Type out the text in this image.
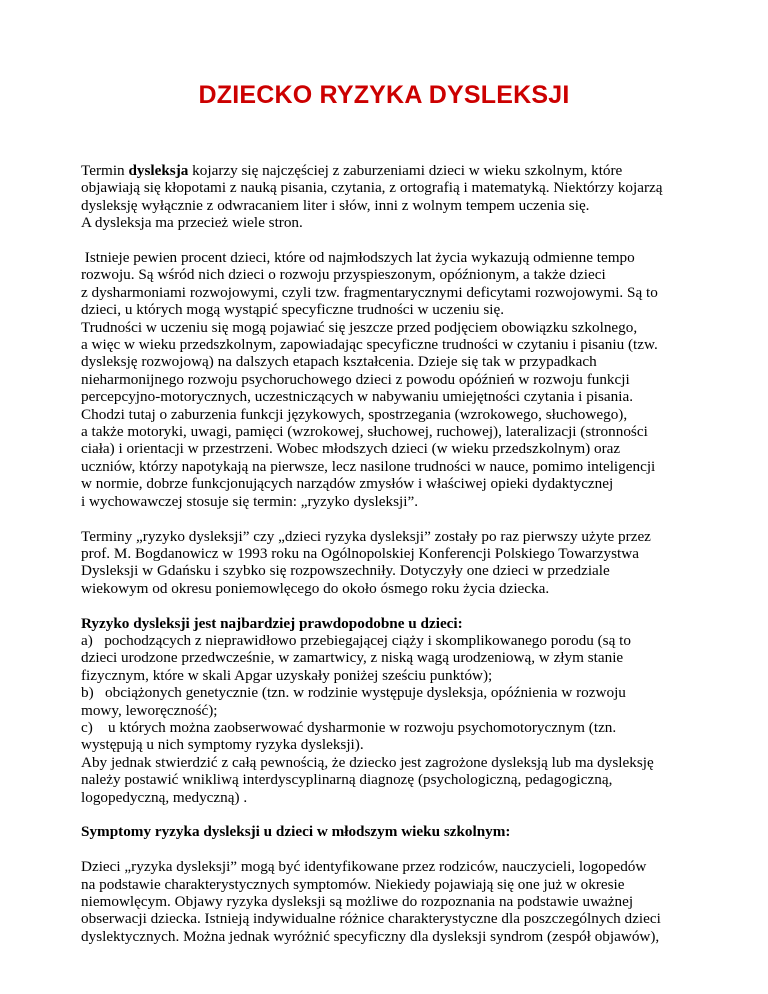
DZIECKO RYZYKA DYSLEKSJI
Termin dysleksja kojarzy się najczęściej z zaburzeniami dzieci w wieku szkolnym, które
objawiają się kłopotami z nauką pisania, czytania, z ortografią i matematyką. Niektórzy kojarzą
dysleksję wyłącznie z odwracaniem liter i słów, inni z wolnym tempem uczenia się.
A dysleksja ma przecież wiele stron.
Istnieje pewien procent dzieci, które od najmłodszych lat życia wykazują odmienne tempo
rozwoju. Są wśród nich dzieci o rozwoju przyspieszonym, opóźnionym, a także dzieci
z dysharmoniami rozwojowymi, czyli tzw. fragmentarycznymi deficytami rozwojowymi. Są to
dzieci, u których mogą wystąpić specyficzne trudności w uczeniu się.
Trudności w uczeniu się mogą pojawiać się jeszcze przed podjęciem obowiązku szkolnego,
a więc w wieku przedszkolnym, zapowiadając specyficzne trudności w czytaniu i pisaniu (tzw.
dysleksję rozwojową) na dalszych etapach kształcenia. Dzieje się tak w przypadkach
nieharmonijnego rozwoju psychoruchowego dzieci z powodu opóźnień w rozwoju funkcji
percepcyjno-motorycznych, uczestniczących w nabywaniu umiejętności czytania i pisania.
Chodzi tutaj o zaburzenia funkcji językowych, spostrzegania (wzrokowego, słuchowego),
a także motoryki, uwagi, pamięci (wzrokowej, słuchowej, ruchowej), lateralizacji (stronności
ciała) i orientacji w przestrzeni. Wobec młodszych dzieci (w wieku przedszkolnym) oraz
uczniów, którzy napotykają na pierwsze, lecz nasilone trudności w nauce, pomimo inteligencji
w normie, dobrze funkcjonujących narządów zmysłów i właściwej opieki dydaktycznej
i wychowawczej stosuje się termin: „ryzyko dysleksji”.
Terminy „ryzyko dysleksji” czy „dzieci ryzyka dysleksji” zostały po raz pierwszy użyte przez
prof. M. Bogdanowicz w 1993 roku na Ogólnopolskiej Konferencji Polskiego Towarzystwa
Dysleksji w Gdańsku i szybko się rozpowszechniły. Dotyczyły one dzieci w przedziale
wiekowym od okresu poniemowlęcego do około ósmego roku życia dziecka.
Ryzyko dysleksji jest najbardziej prawdopodobne u dzieci:
a)   pochodzących z nieprawidłowo przebiegającej ciąży i skomplikowanego porodu (są to
dzieci urodzone przedwcześnie, w zamartwicy, z niską wagą urodzeniową, w złym stanie
fizycznym, które w skali Apgar uzyskały poniżej sześciu punktów);
b)   obciążonych genetycznie (tzn. w rodzinie występuje dysleksja, opóźnienia w rozwoju
mowy, leworęczność);
c)    u których można zaobserwować dysharmonie w rozwoju psychomotorycznym (tzn.
występują u nich symptomy ryzyka dysleksji).
Aby jednak stwierdzić z całą pewnością, że dziecko jest zagrożone dysleksją lub ma dysleksję
należy postawić wnikliwą interdyscyplinarną diagnozę (psychologiczną, pedagogiczną,
logopedyczną, medyczną) .
Symptomy ryzyka dysleksji u dzieci w młodszym wieku szkolnym:
Dzieci „ryzyka dysleksji” mogą być identyfikowane przez rodziców, nauczycieli, logopedów
na podstawie charakterystycznych symptomów. Niekiedy pojawiają się one już w okresie
niemowlęcym. Objawy ryzyka dysleksji są możliwe do rozpoznania na podstawie uważnej
obserwacji dziecka. Istnieją indywidualne różnice charakterystyczne dla poszczególnych dzieci
dyslektycznych. Można jednak wyróżnić specyficzny dla dysleksji syndrom (zespół objawów),
